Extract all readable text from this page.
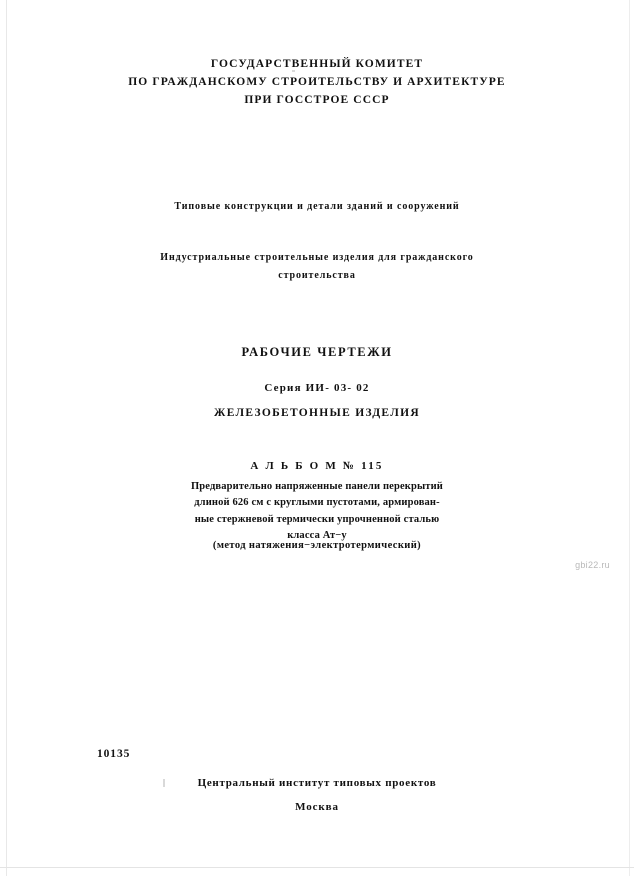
ГОСУДАРСТВЕННЫЙ КОМИТЕТ
ПО ГРАЖДАНСКОМУ СТРОИТЕЛЬСТВУ И АРХИТЕКТУРЕ
ПРИ ГОССТРОЕ СССР
Типовые конструкции и детали зданий и сооружений
Индустриальные строительные изделия для гражданского
строительства
РАБОЧИЕ ЧЕРТЕЖИ
Серия ИИ- 03- 02
ЖЕЛЕЗОБЕТОННЫЕ ИЗДЕЛИЯ
А Л Ь Б О М № 115
Предварительно напряженные панели перекрытий
длиной 626 см с круглыми пустотами, армирован-
ные стержневой термически упрочненной сталью
класса Ат−у
(метод натяжения−электротермический)
10135
Центральный институт типовых проектов
Москва
gbi22.ru
